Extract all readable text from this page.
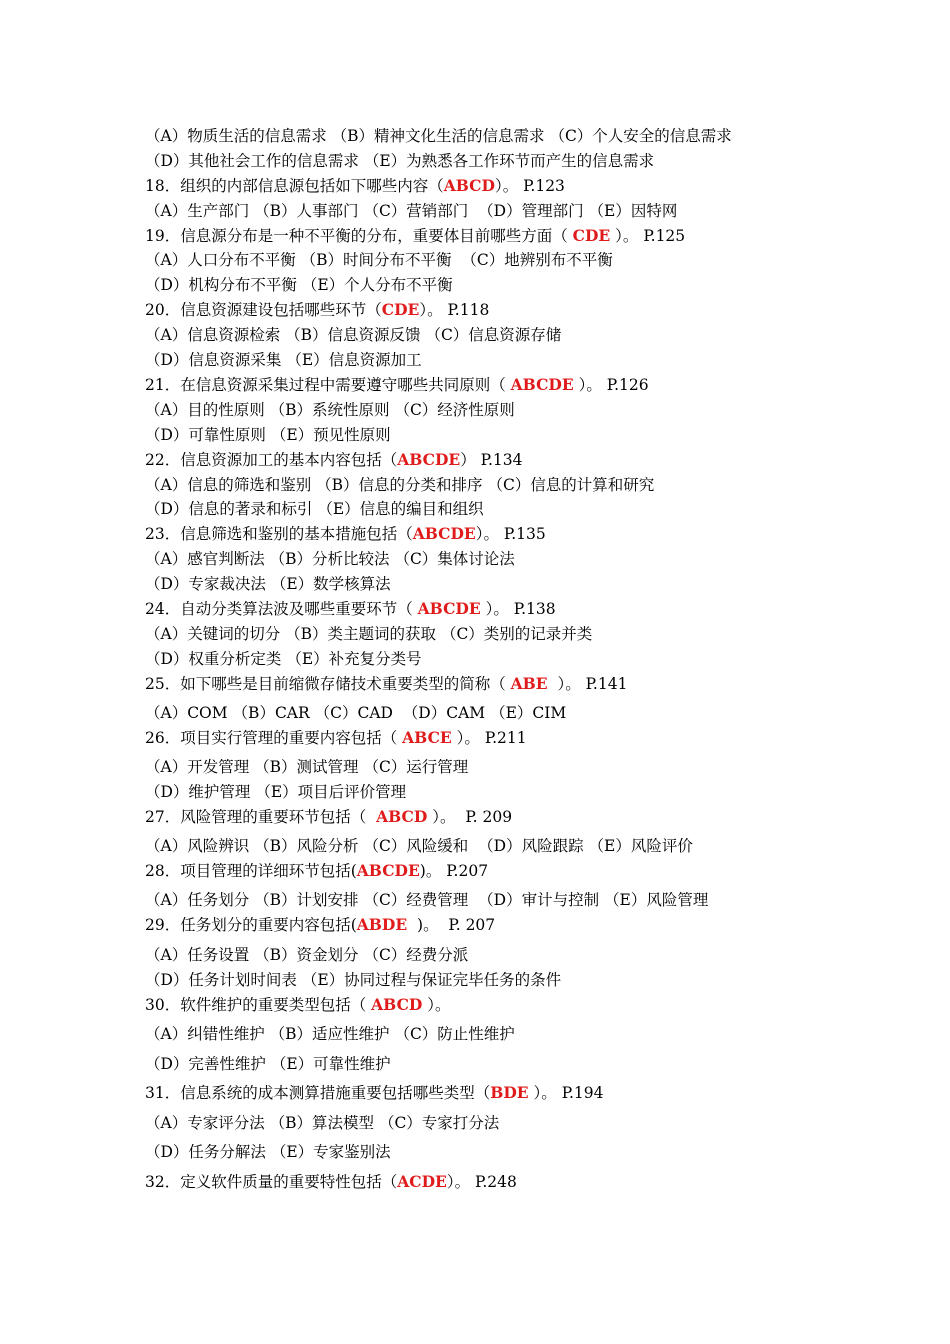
（A）物质生活的信息需求 （B）精神文化生活的信息需求 （C）个人安全的信息需求
（D）其他社会工作的信息需求 （E）为熟悉各工作环节而产生的信息需求
18．组织的内部信息源包括如下哪些内容（ABCD）。 P.123
（A）生产部门 （B）人事部门 （C）营销部门  （D）管理部门 （E）因特网
19．信息源分布是一种不平衡的分布，重要体目前哪些方面（ CDE ）。 P.125
（A）人口分布不平衡 （B）时间分布不平衡  （C）地辨别布不平衡
（D）机构分布不平衡 （E）个人分布不平衡
20．信息资源建设包括哪些环节（CDE）。 P.118
（A）信息资源检索 （B）信息资源反馈 （C）信息资源存储
（D）信息资源采集 （E）信息资源加工
21．在信息资源采集过程中需要遵守哪些共同原则（ ABCDE ）。 P.126
（A）目的性原则 （B）系统性原则 （C）经济性原则
（D）可靠性原则 （E）预见性原则
22．信息资源加工的基本内容包括（ABCDE） P.134
（A）信息的筛选和鉴别 （B）信息的分类和排序 （C）信息的计算和研究
（D）信息的著录和标引 （E）信息的编目和组织
23．信息筛选和鉴别的基本措施包括（ABCDE）。 P.135
（A）感官判断法 （B）分析比较法 （C）集体讨论法
（D）专家裁决法 （E）数学核算法
24．自动分类算法波及哪些重要环节（ ABCDE ）。 P.138
（A）关键词的切分 （B）类主题词的获取 （C）类别的记录并类
（D）权重分析定类 （E）补充复分类号
25．如下哪些是目前缩微存储技术重要类型的简称（ ABE  ）。 P.141
（A）COM （B）CAR （C）CAD  （D）CAM （E）CIM
26．项目实行管理的重要内容包括（ ABCE ）。 P.211
（A）开发管理 （B）测试管理 （C）运行管理
（D）维护管理 （E）项目后评价管理
27．风险管理的重要环节包括（  ABCD ）。  P. 209
（A）风险辨识 （B）风险分析 （C）风险缓和  （D）风险跟踪 （E）风险评价
28．项目管理的详细环节包括(ABCDE)。 P.207
（A）任务划分 （B）计划安排 （C）经费管理  （D）审计与控制 （E）风险管理
29．任务划分的重要内容包括(ABDE  )。  P. 207
（A）任务设置 （B）资金划分 （C）经费分派
（D）任务计划时间表 （E）协同过程与保证完毕任务的条件
30．软件维护的重要类型包括（ ABCD ）。
（A）纠错性维护 （B）适应性维护 （C）防止性维护
（D）完善性维护 （E）可靠性维护
31．信息系统的成本测算措施重要包括哪些类型（BDE ）。 P.194
（A）专家评分法 （B）算法模型 （C）专家打分法
（D）任务分解法 （E）专家鉴别法
32．定义软件质量的重要特性包括（ACDE）。 P.248
